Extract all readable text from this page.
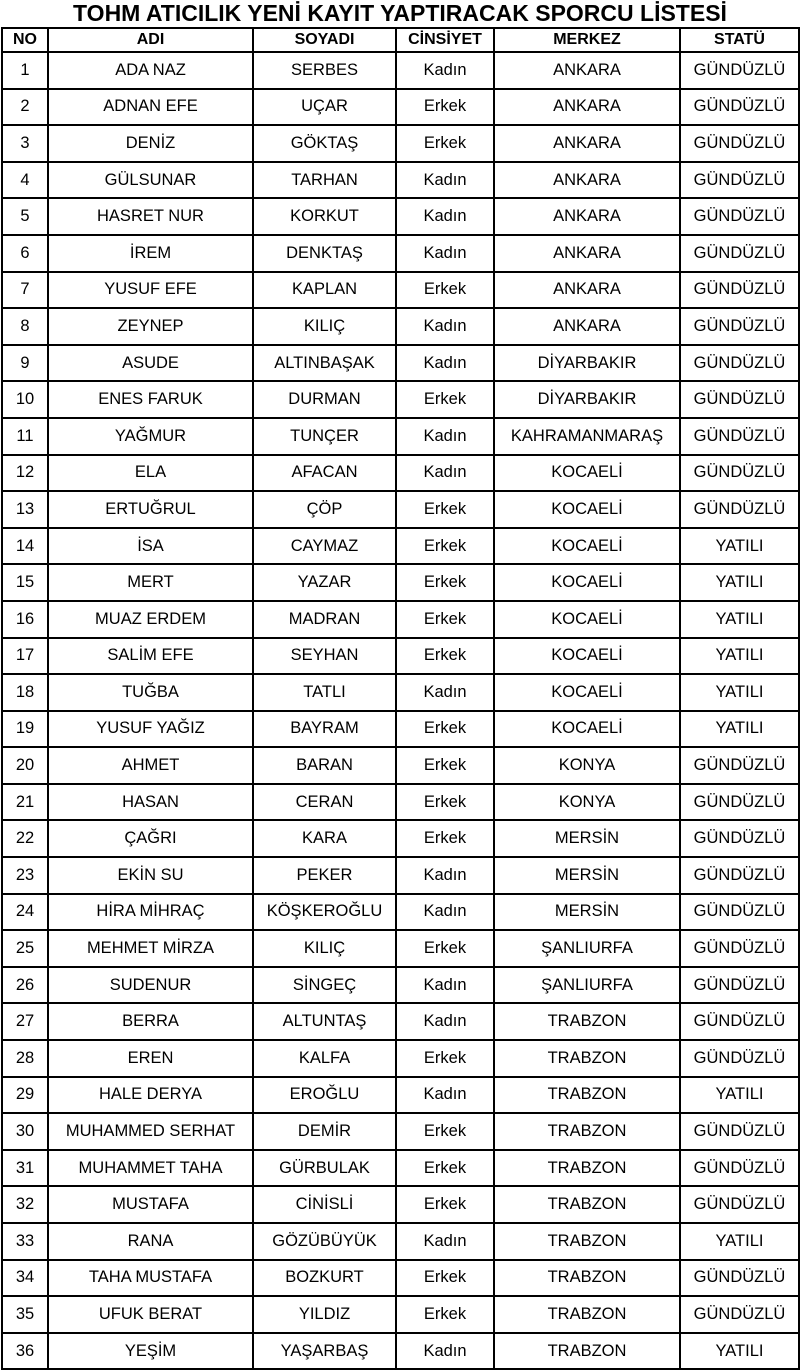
TOHM ATICILIK YENİ KAYIT YAPTIRACAK SPORCU LİSTESİ
NO	ADI	SOYADI	CİNSİYET	MERKEZ	STATÜ
1	ADA NAZ	SERBES	Kadın	ANKARA	GÜNDÜZLÜ
2	ADNAN EFE	UÇAR	Erkek	ANKARA	GÜNDÜZLÜ
3	DENİZ	GÖKTAŞ	Erkek	ANKARA	GÜNDÜZLÜ
4	GÜLSUNAR	TARHAN	Kadın	ANKARA	GÜNDÜZLÜ
5	HASRET NUR	KORKUT	Kadın	ANKARA	GÜNDÜZLÜ
6	İREM	DENKTAŞ	Kadın	ANKARA	GÜNDÜZLÜ
7	YUSUF EFE	KAPLAN	Erkek	ANKARA	GÜNDÜZLÜ
8	ZEYNEP	KILIÇ	Kadın	ANKARA	GÜNDÜZLÜ
9	ASUDE	ALTINBAŞAK	Kadın	DİYARBAKIR	GÜNDÜZLÜ
10	ENES FARUK	DURMAN	Erkek	DİYARBAKIR	GÜNDÜZLÜ
11	YAĞMUR	TUNÇER	Kadın	KAHRAMANMARAŞ	GÜNDÜZLÜ
12	ELA	AFACAN	Kadın	KOCAELİ	GÜNDÜZLÜ
13	ERTUĞRUL	ÇÖP	Erkek	KOCAELİ	GÜNDÜZLÜ
14	İSA	CAYMAZ	Erkek	KOCAELİ	YATILI
15	MERT	YAZAR	Erkek	KOCAELİ	YATILI
16	MUAZ ERDEM	MADRAN	Erkek	KOCAELİ	YATILI
17	SALİM EFE	SEYHAN	Erkek	KOCAELİ	YATILI
18	TUĞBA	TATLI	Kadın	KOCAELİ	YATILI
19	YUSUF YAĞIZ	BAYRAM	Erkek	KOCAELİ	YATILI
20	AHMET	BARAN	Erkek	KONYA	GÜNDÜZLÜ
21	HASAN	CERAN	Erkek	KONYA	GÜNDÜZLÜ
22	ÇAĞRI	KARA	Erkek	MERSİN	GÜNDÜZLÜ
23	EKİN SU	PEKER	Kadın	MERSİN	GÜNDÜZLÜ
24	HİRA MİHRAÇ	KÖŞKEROĞLU	Kadın	MERSİN	GÜNDÜZLÜ
25	MEHMET MİRZA	KILIÇ	Erkek	ŞANLIURFA	GÜNDÜZLÜ
26	SUDENUR	SİNGEÇ	Kadın	ŞANLIURFA	GÜNDÜZLÜ
27	BERRA	ALTUNTAŞ	Kadın	TRABZON	GÜNDÜZLÜ
28	EREN	KALFA	Erkek	TRABZON	GÜNDÜZLÜ
29	HALE DERYA	EROĞLU	Kadın	TRABZON	YATILI
30	MUHAMMED SERHAT	DEMİR	Erkek	TRABZON	GÜNDÜZLÜ
31	MUHAMMET TAHA	GÜRBULAK	Erkek	TRABZON	GÜNDÜZLÜ
32	MUSTAFA	CİNİSLİ	Erkek	TRABZON	GÜNDÜZLÜ
33	RANA	GÖZÜBÜYÜK	Kadın	TRABZON	YATILI
34	TAHA MUSTAFA	BOZKURT	Erkek	TRABZON	GÜNDÜZLÜ
35	UFUK BERAT	YILDIZ	Erkek	TRABZON	GÜNDÜZLÜ
36	YEŞİM	YAŞARBAŞ	Kadın	TRABZON	YATILI
